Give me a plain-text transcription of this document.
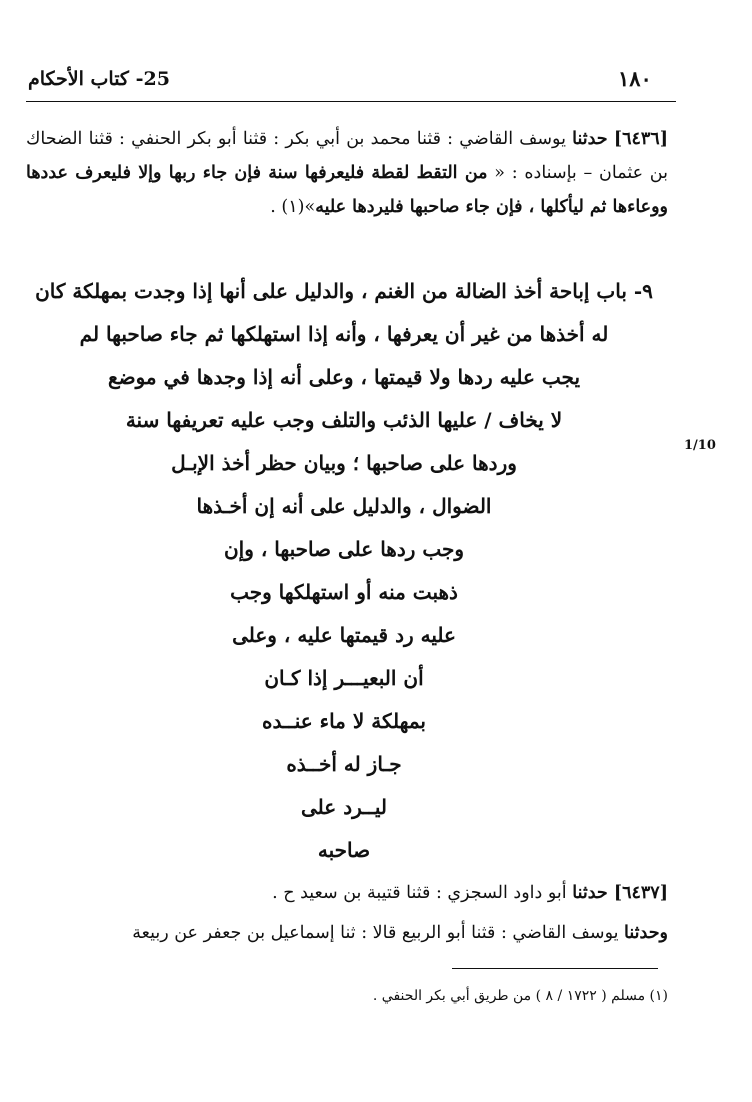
25- كتاب الأحكام	١٨٠
[٦٤٣٦] حدثنا يوسف القاضي : قثنا محمد بن أبي بكر : قثنا أبو بكر الحنفي : قثنا الضحاك بن عثمان – بإسناده : « من التقط لقطة فليعرفها سنة فإن جاء ربها وإلا فليعرف عددها ووعاءها ثم ليأكلها ، فإن جاء صاحبها فليردها عليه»(١) .
٩- باب إباحة أخذ الضالة من الغنم ، والدليل على أنها إذا وجدت بمهلكة كان
له أخذها من غير أن يعرفها ، وأنه إذا استهلكها ثم جاء صاحبها لم
يجب عليه ردها ولا قيمتها ، وعلى أنه إذا وجدها في موضع
لا يخاف / عليها الذئب والتلف وجب عليه تعريفها سنة
وردها على صاحبها ؛ وبيان حظر أخذ الإبـل
الضوال ، والدليل على أنه إن أخـذها
وجب ردها على صاحبها ، وإن
ذهبت منه أو استهلكها وجب
عليه رد قيمتها عليه ، وعلى
أن البعيـــر إذا كـان
بمهلكة لا ماء عنــده
جـاز له أخــذه
ليــرد على
صاحبه
1/10
[٦٤٣٧] حدثنا أبو داود السجزي : قثنا قتيبة بن سعيد ح .
وحدثنا يوسف القاضي : قثنا أبو الربيع قالا : ثنا إسماعيل بن جعفر عن ربيعة
(١) مسلم ( ١٧٢٢ / ٨ ) من طريق أبي بكر الحنفي .
